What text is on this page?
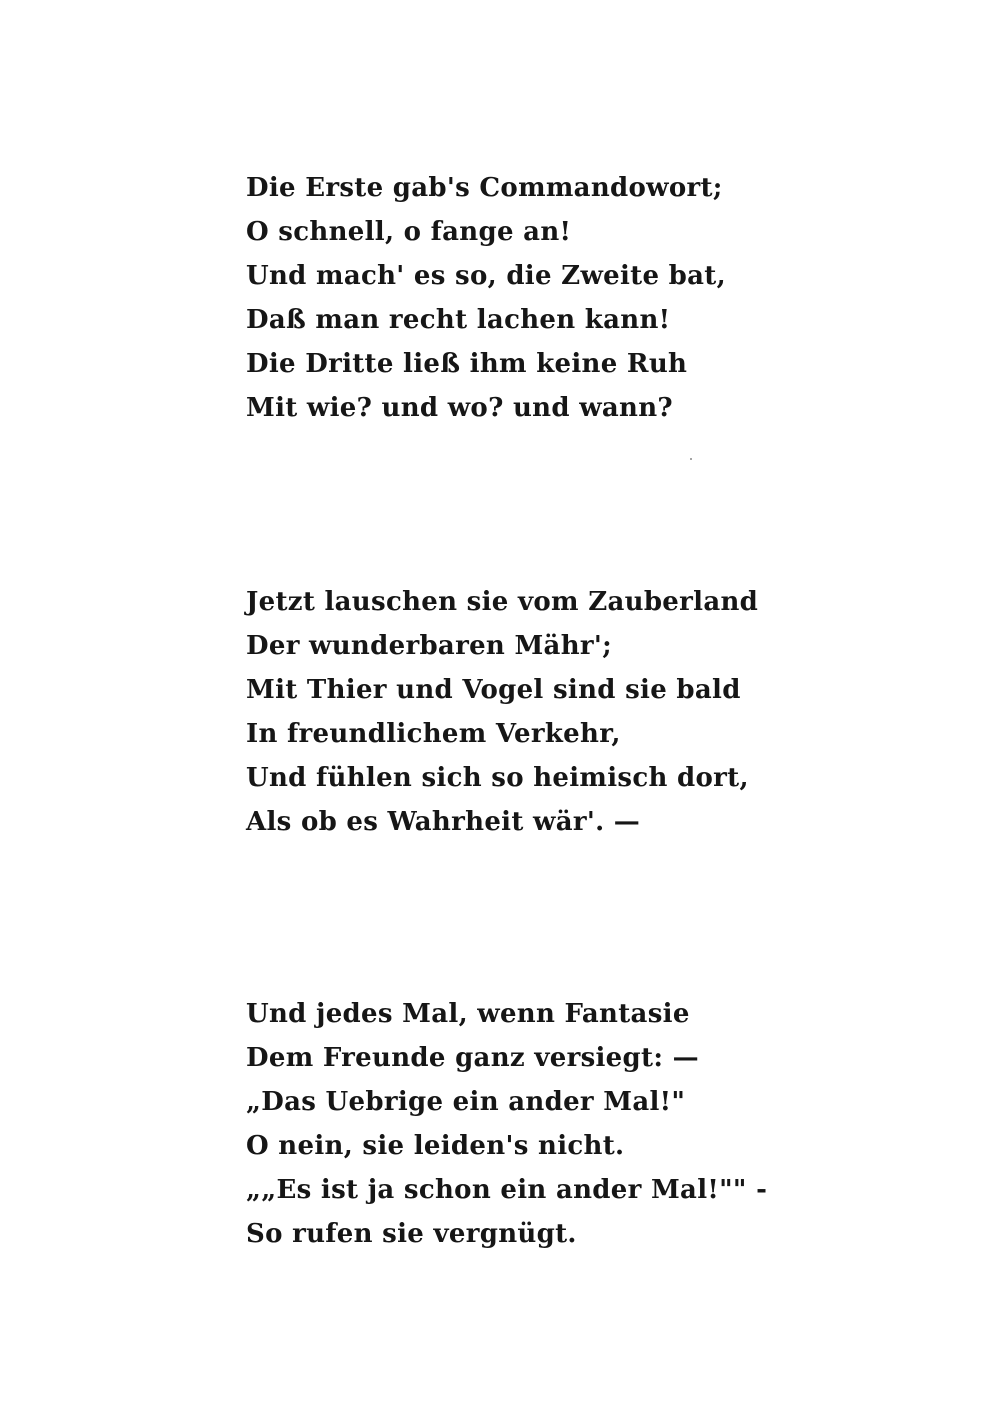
Die Erste gab's Commandowort;
O schnell, o fange an!
Und mach' es so, die Zweite bat,
Daß man recht lachen kann!
Die Dritte ließ ihm keine Ruh
Mit wie? und wo? und wann?
Jetzt lauschen sie vom Zauberland
Der wunderbaren Mähr';
Mit Thier und Vogel sind sie bald
In freundlichem Verkehr,
Und fühlen sich so heimisch dort,
Als ob es Wahrheit wär'. —
Und jedes Mal, wenn Fantasie
Dem Freunde ganz versiegt: —
„Das Uebrige ein ander Mal!"
O nein, sie leiden's nicht.
„„Es ist ja schon ein ander Mal!"" -
So rufen sie vergnügt.
